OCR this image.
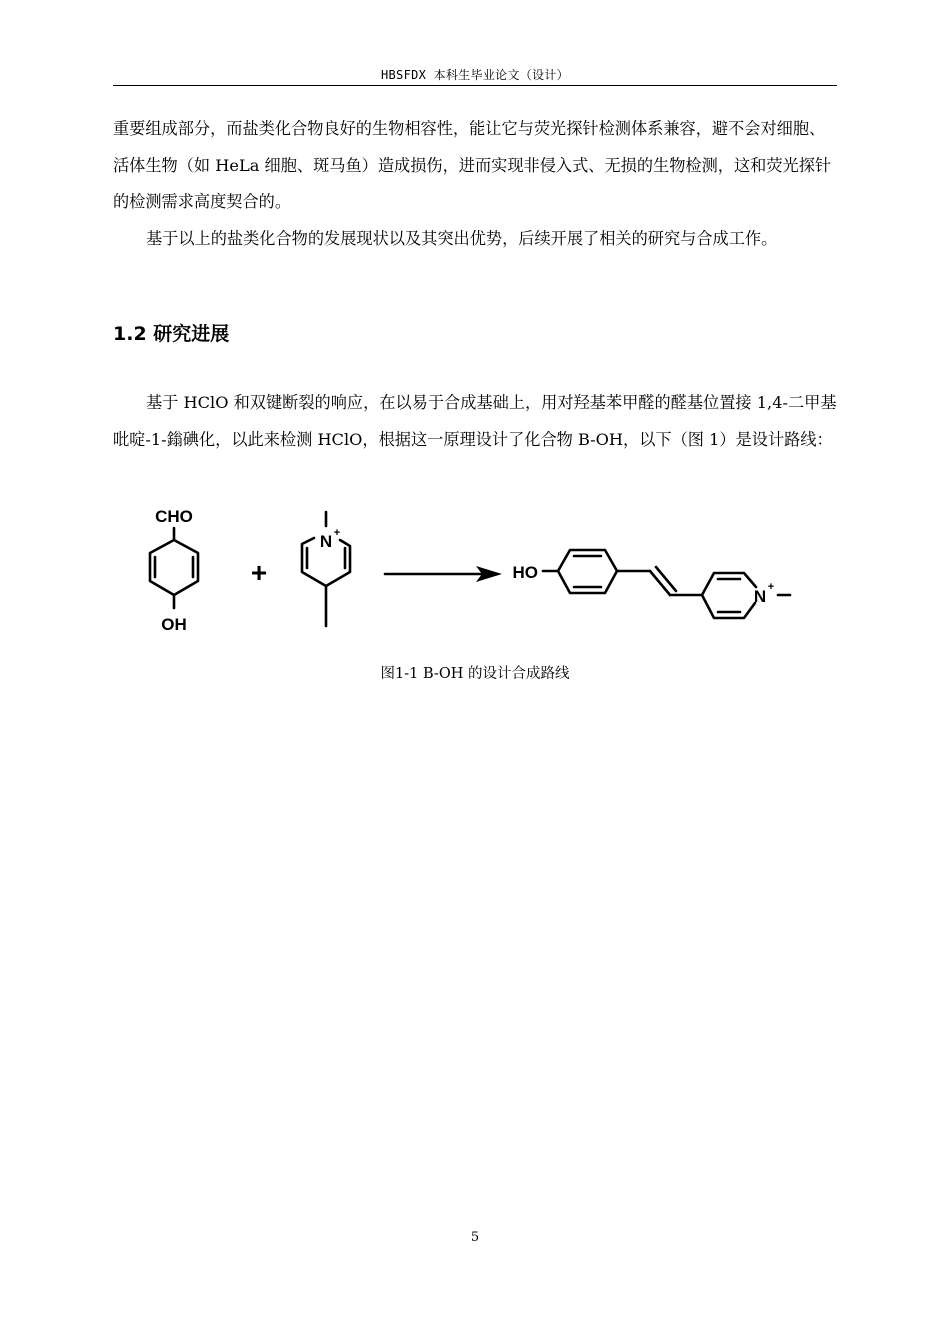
HBSFDX 本科生毕业论文（设计）

重要组成部分，而盐类化合物良好的生物相容性，能让它与荧光探针检测体系兼容，避不会对细胞、活体生物（如 HeLa 细胞、斑马鱼）造成损伤，进而实现非侵入式、无损的生物检测，这和荧光探针的检测需求高度契合的。

基于以上的盐类化合物的发展现状以及其突出优势，后续开展了相关的研究与合成工作。

1.2 研究进展

基于 HClO 和双键断裂的响应，在以易于合成基础上，用对羟基苯甲醛的醛基位置接 1,4-二甲基吡啶-1-鎓碘化，以此来检测 HClO，根据这一原理设计了化合物 B-OH，以下（图 1）是设计路线：

CHO
OH
+
N +
HO
N +
图1-1 B-OH 的设计合成路线
5
